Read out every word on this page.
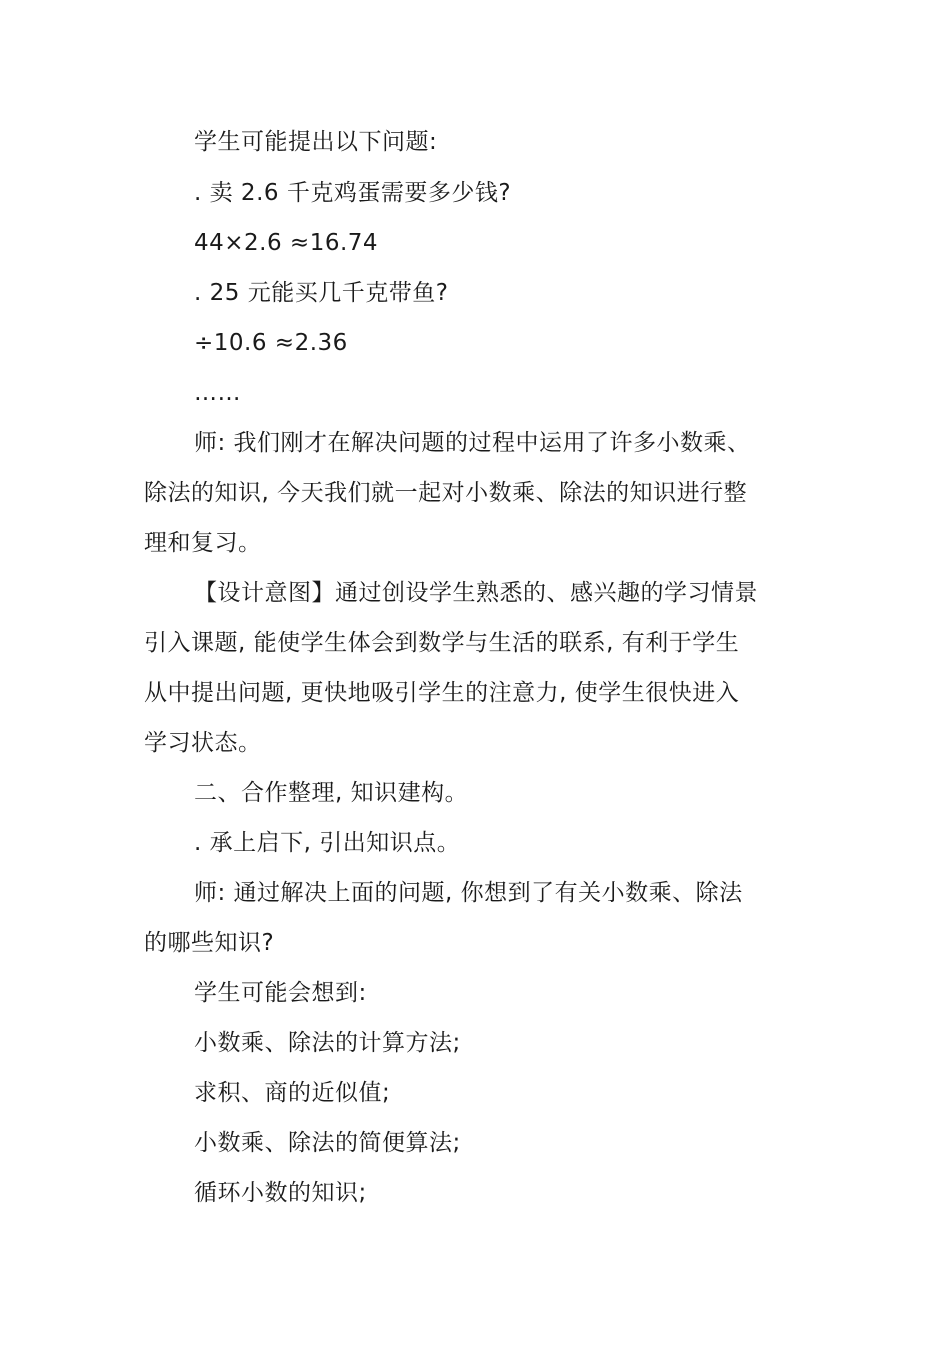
学生可能提出以下问题:
. 卖 2.6 千克鸡蛋需要多少钱?
44×2.6 ≈16.74
. 25 元能买几千克带鱼?
÷10.6 ≈2.36
……
师: 我们刚才在解决问题的过程中运用了许多小数乘、
除法的知识, 今天我们就一起对小数乘、除法的知识进行整
理和复习。
【设计意图】通过创设学生熟悉的、感兴趣的学习情景
引入课题, 能使学生体会到数学与生活的联系, 有利于学生
从中提出问题, 更快地吸引学生的注意力, 使学生很快进入
学习状态。
二、合作整理, 知识建构。
. 承上启下, 引出知识点。
师: 通过解决上面的问题, 你想到了有关小数乘、除法
的哪些知识?
学生可能会想到:
小数乘、除法的计算方法;
求积、商的近似值;
小数乘、除法的简便算法;
循环小数的知识;
